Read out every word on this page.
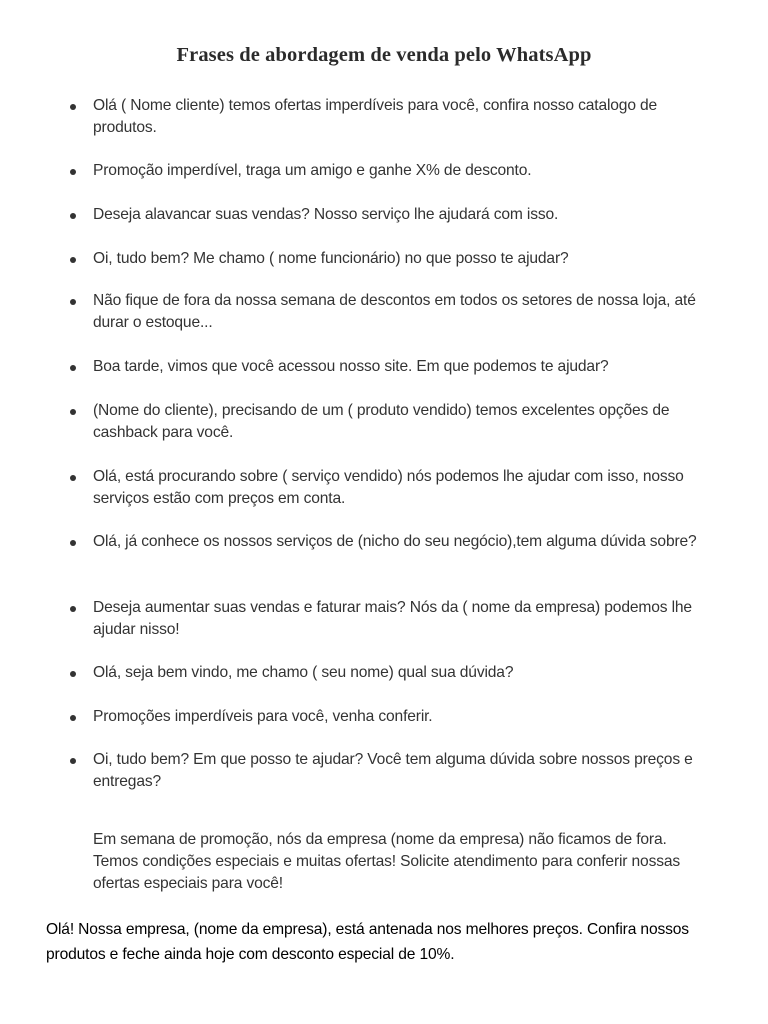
Frases de abordagem de venda pelo WhatsApp
Olá ( Nome cliente) temos ofertas imperdíveis para você, confira nosso catalogo de produtos.
Promoção imperdível, traga um amigo e ganhe X% de desconto.
Deseja alavancar suas vendas? Nosso serviço lhe ajudará com isso.
Oi, tudo bem? Me chamo ( nome funcionário) no que posso te ajudar?
Não fique de fora da nossa semana de descontos em todos os setores de nossa loja, até durar o estoque...
Boa tarde, vimos que você acessou nosso site. Em que podemos te ajudar?
(Nome do cliente), precisando de um ( produto vendido) temos excelentes opções de cashback para você.
Olá, está procurando sobre ( serviço vendido) nós podemos lhe ajudar com isso, nosso serviços estão com preços em conta.
Olá, já conhece os nossos serviços de (nicho do seu negócio),tem alguma dúvida sobre?
Deseja aumentar suas vendas e faturar mais? Nós da ( nome da empresa) podemos lhe ajudar nisso!
Olá, seja bem vindo, me chamo ( seu nome) qual sua dúvida?
Promoções imperdíveis para você, venha conferir.
Oi, tudo bem? Em que posso te ajudar? Você tem alguma dúvida sobre nossos preços e entregas?
Em semana de promoção, nós da empresa (nome da empresa) não ficamos de fora. Temos condições especiais e muitas ofertas! Solicite atendimento para conferir nossas ofertas especiais para você!
Olá! Nossa empresa, (nome da empresa), está antenada nos melhores preços. Confira nossos produtos e feche ainda hoje com desconto especial de 10%.
